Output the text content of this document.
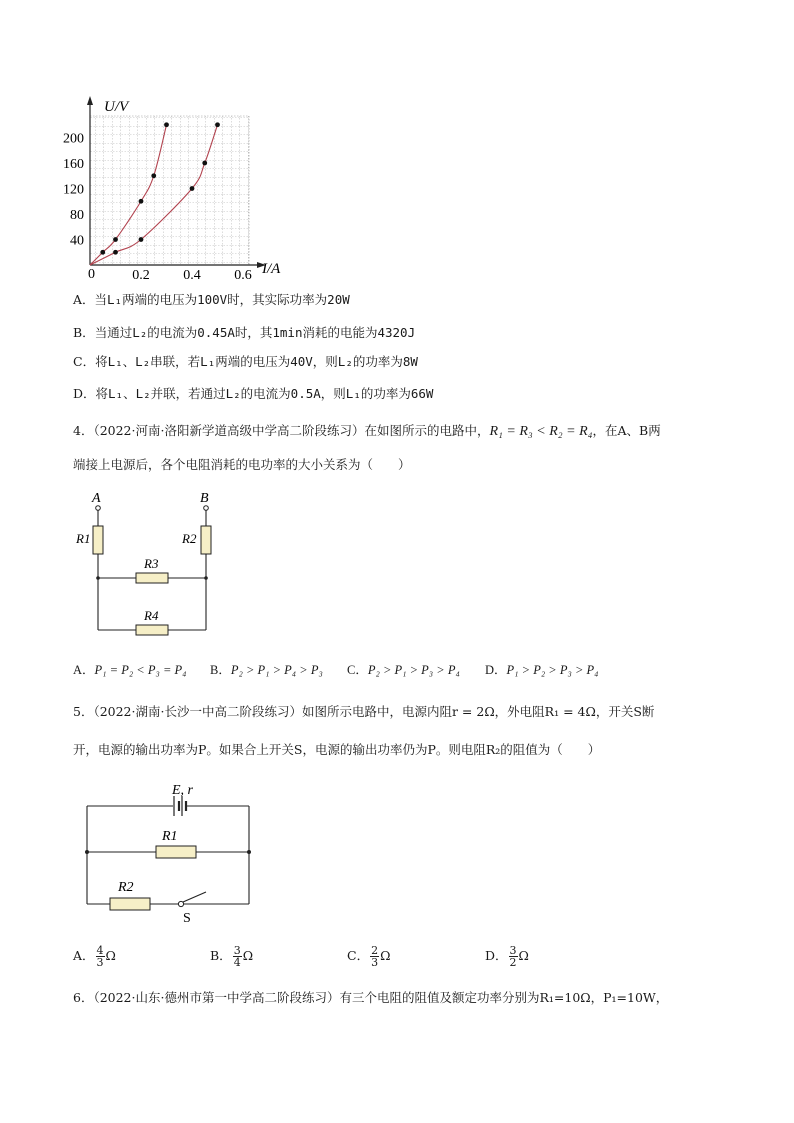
U/V
I/A
0
40
80
120
160
200
0.2 0.4 0.6
A．当L₁两端的电压为100V时，其实际功率为20W
B．当通过L₂的电流为0.45A时，其1min消耗的电能为4320J
C．将L₁、L₂串联，若L₁两端的电压为40V，则L₂的功率为8W
D．将L₁、L₂并联，若通过L₂的电流为0.5A，则L₁的功率为66W
4．（2022·河南·洛阳新学道高级中学高二阶段练习）在如图所示的电路中，R₁ = R₃ < R₂ = R₄，在A、B两
端接上电源后，各个电阻消耗的电功率的大小关系为（　　）
A	B
R1	R2
R3
R4
A．P₁ = P₂ < P₃ = P₄ B．P₂ > P₁ > P₄ > P₃ C．P₂ > P₁ > P₃ > P₄ D．P₁ > P₂ > P₃ > P₄
5．（2022·湖南·长沙一中高二阶段练习）如图所示电路中，电源内阻r = 2Ω，外电阻R₁ = 4Ω，开关S断
开，电源的输出功率为P。如果合上开关S，电源的输出功率仍为P。则电阻R₂的阻值为（　　）
E, r
R1
R2
S
A． $\frac{4}{3}$ Ω	B． $\frac{3}{4}$ Ω	C． $\frac{2}{3}$ Ω	D． $\frac{3}{2}$ Ω
6．（2022·山东·德州市第一中学高二阶段练习）有三个电阻的阻值及额定功率分别为R₁=10Ω，P₁=10W，
